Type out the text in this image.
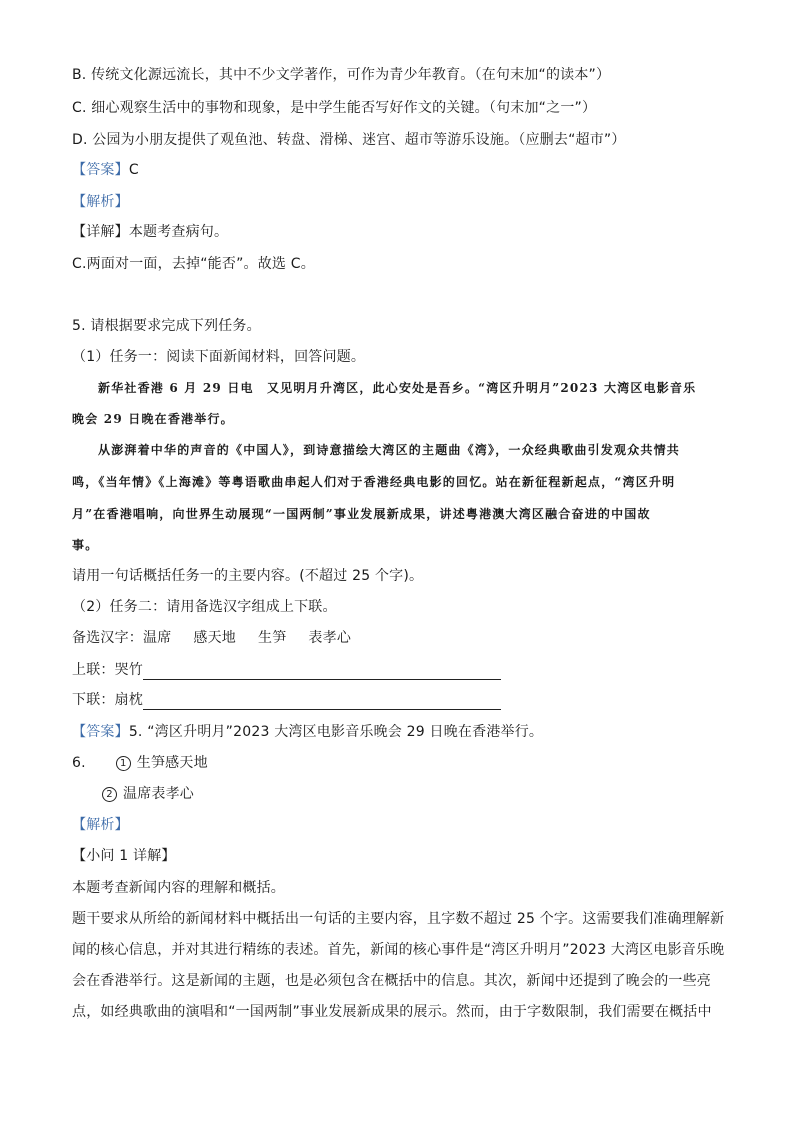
B. 传统文化源远流长，其中不少文学著作，可作为青少年教育。（在句末加“的读本”）
C. 细心观察生活中的事物和现象，是中学生能否写好作文的关键。（句末加“之一”）
D. 公园为小朋友提供了观鱼池、转盘、滑梯、迷宫、超市等游乐设施。（应删去“超市”）
【答案】C
【解析】
【详解】本题考查病句。
C.两面对一面，去掉“能否”。故选 C。
5. 请根据要求完成下列任务。
（1）任务一：阅读下面新闻材料，回答问题。
新华社香港 6 月 29 日电　又见明月升湾区，此心安处是吾乡。“湾区升明月”2023 大湾区电影音乐
晚会 29 日晚在香港举行。
从澎湃着中华的声音的《中国人》，到诗意描绘大湾区的主题曲《湾》，一众经典歌曲引发观众共情共
鸣，《当年情》《上海滩》等粤语歌曲串起人们对于香港经典电影的回忆。站在新征程新起点，“湾区升明
月”在香港唱响，向世界生动展现“一国两制”事业发展新成果，讲述粤港澳大湾区融合奋进的中国故
事。
请用一句话概括任务一的主要内容。(不超过 25 个字)。
（2）任务二：请用备选汉字组成上下联。
备选汉字：温席 感天地 生笋 表孝心
上联：哭竹
下联：扇枕
【答案】5. “湾区升明月”2023 大湾区电影音乐晚会 29 日晚在香港举行。
6.	1 生笋感天地
2 温席表孝心
【解析】
【小问 1 详解】
本题考查新闻内容的理解和概括。
题干要求从所给的新闻材料中概括出一句话的主要内容，且字数不超过 25 个字。这需要我们准确理解新
闻的核心信息，并对其进行精练的表述。首先，新闻的核心事件是“湾区升明月”2023 大湾区电影音乐晚
会在香港举行。这是新闻的主题，也是必须包含在概括中的信息。其次，新闻中还提到了晚会的一些亮
点，如经典歌曲的演唱和“一国两制”事业发展新成果的展示。然而，由于字数限制，我们需要在概括中
